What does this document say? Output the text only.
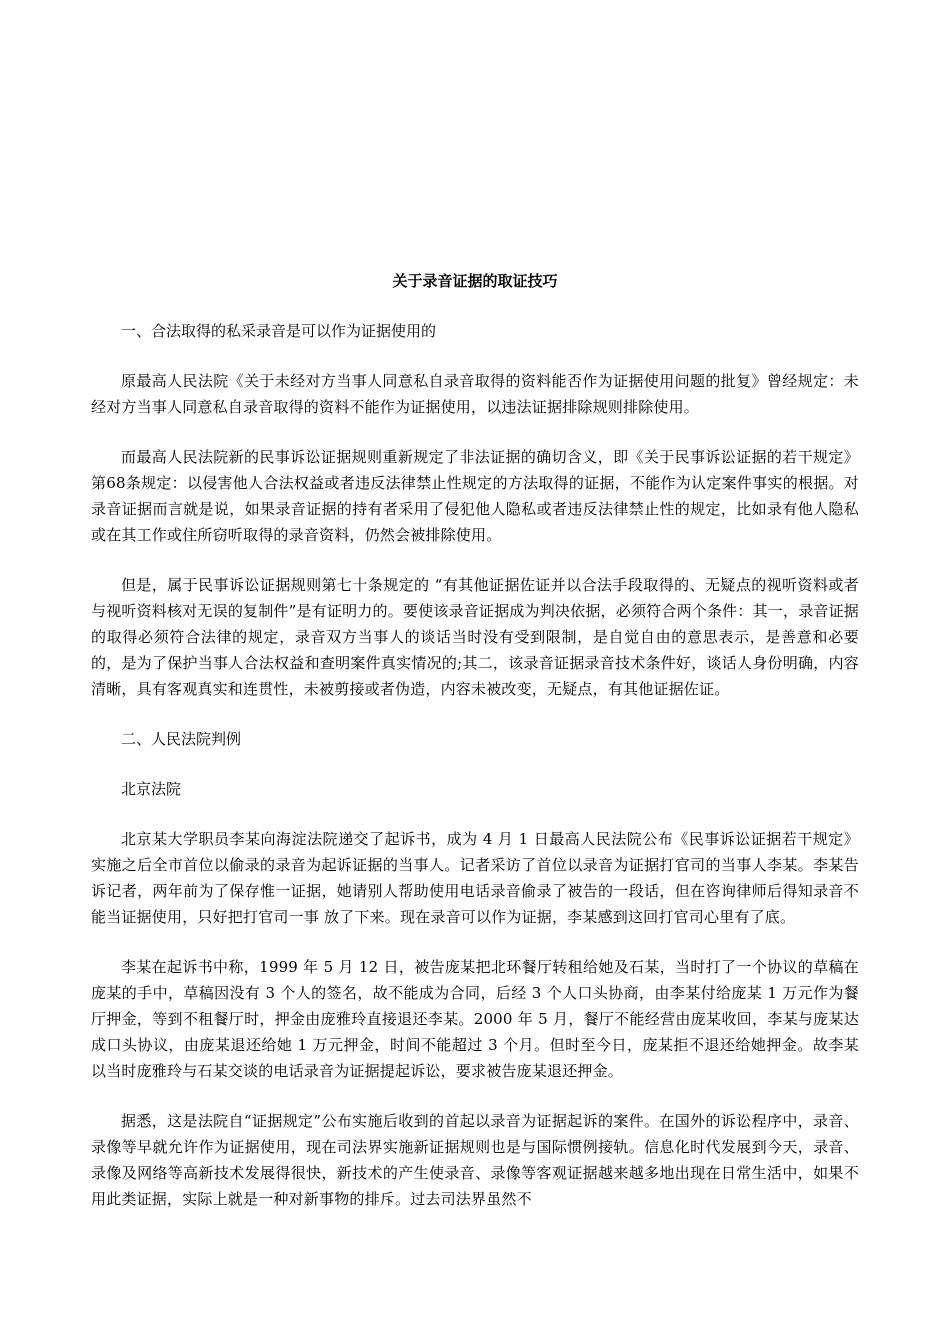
关于录音证据的取证技巧
一、合法取得的私采录音是可以作为证据使用的
原最高人民法院《关于未经对方当事人同意私自录音取得的资料能否作为证据使用问题的批复》曾经规定：未经对方当事人同意私自录音取得的资料不能作为证据使用，以违法证据排除规则排除使用。
而最高人民法院新的民事诉讼证据规则重新规定了非法证据的确切含义，即《关于民事诉讼证据的若干规定》第68条规定：以侵害他人合法权益或者违反法律禁止性规定的方法取得的证据，不能作为认定案件事实的根据。对录音证据而言就是说，如果录音证据的持有者采用了侵犯他人隐私或者违反法律禁止性的规定，比如录有他人隐私或在其工作或住所窃听取得的录音资料，仍然会被排除使用。
但是，属于民事诉讼证据规则第七十条规定的 “有其他证据佐证并以合法手段取得的、无疑点的视听资料或者与视听资料核对无误的复制件”是有证明力的。要使该录音证据成为判决依据，必须符合两个条件：其一，录音证据的取得必须符合法律的规定，录音双方当事人的谈话当时没有受到限制，是自觉自由的意思表示，是善意和必要的，是为了保护当事人合法权益和查明案件真实情况的;其二，该录音证据录音技术条件好，谈话人身份明确，内容清晰，具有客观真实和连贯性，未被剪接或者伪造，内容未被改变，无疑点，有其他证据佐证。
二、人民法院判例
北京法院
北京某大学职员李某向海淀法院递交了起诉书，成为 4 月 1 日最高人民法院公布《民事诉讼证据若干规定》实施之后全市首位以偷录的录音为起诉证据的当事人。记者采访了首位以录音为证据打官司的当事人李某。李某告诉记者，两年前为了保存惟一证据，她请别人帮助使用电话录音偷录了被告的一段话，但在咨询律师后得知录音不能当证据使用，只好把打官司一事 放了下来。现在录音可以作为证据，李某感到这回打官司心里有了底。
李某在起诉书中称，1999 年 5 月 12 日，被告庞某把北环餐厅转租给她及石某，当时打了一个协议的草稿在庞某的手中，草稿因没有 3 个人的签名，故不能成为合同，后经 3 个人口头协商，由李某付给庞某 1 万元作为餐厅押金，等到不租餐厅时，押金由庞雅玲直接退还李某。2000 年 5 月，餐厅不能经营由庞某收回，李某与庞某达成口头协议，由庞某退还给她 1 万元押金，时间不能超过 3 个月。但时至今日，庞某拒不退还给她押金。故李某以当时庞雅玲与石某交谈的电话录音为证据提起诉讼，要求被告庞某退还押金。
据悉，这是法院自“证据规定”公布实施后收到的首起以录音为证据起诉的案件。在国外的诉讼程序中，录音、录像等早就允许作为证据使用，现在司法界实施新证据规则也是与国际惯例接轨。信息化时代发展到今天，录音、录像及网络等高新技术发展得很快，新技术的产生使录音、录像等客观证据越来越多地出现在日常生活中，如果不用此类证据，实际上就是一种对新事物的排斥。过去司法界虽然不
